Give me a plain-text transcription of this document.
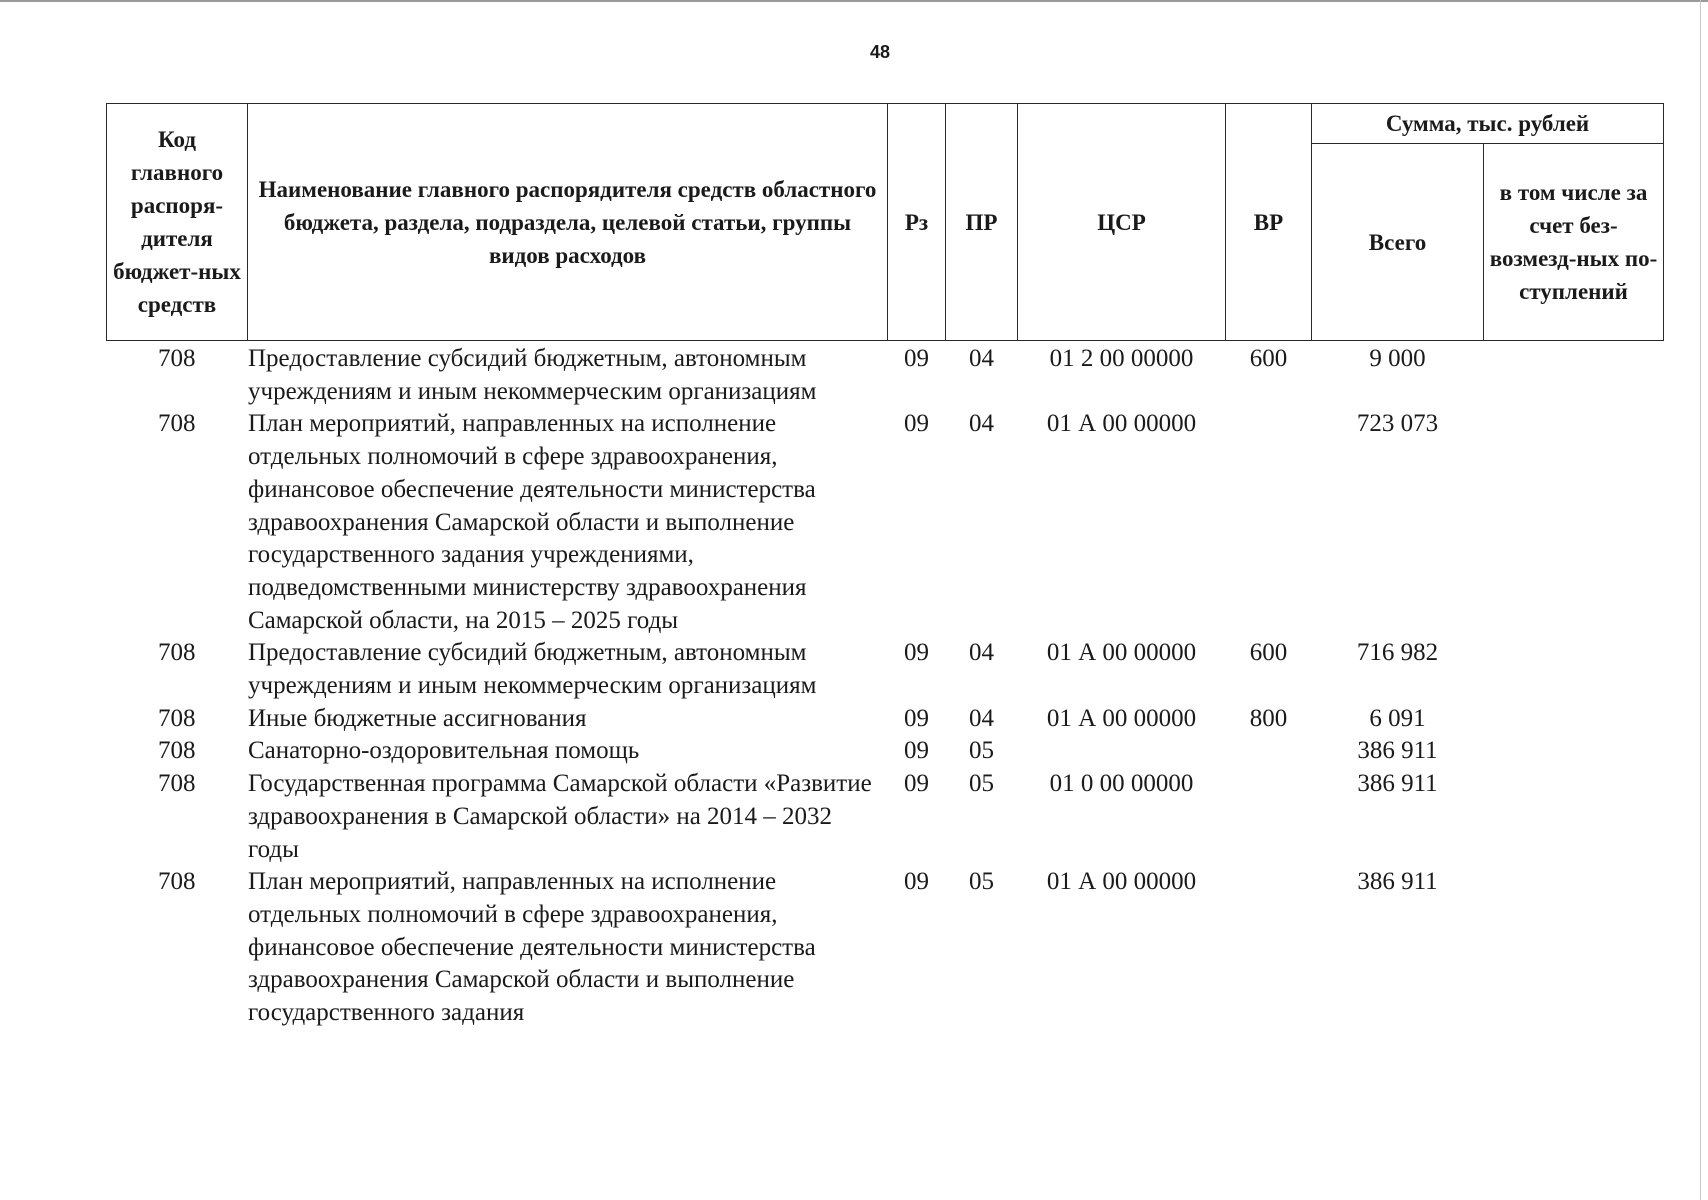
48
Код главного распоря-дителя бюджет-ных средств	Наименование главного распорядителя средств областного бюджета, раздела, подраздела, целевой статьи, группы видов расходов	Рз	ПР	ЦСР	ВР	Сумма, тыс. рублей	
						Всего	в том числе за счет без-возмезд-ных по-ступлений
708	Предоставление субсидий бюджетным, автономным учреждениям и иным некоммерческим организациям	09	04	01 2 00 00000	600	9 000	
708	План мероприятий, направленных на исполнение отдельных полномочий в сфере здравоохранения, финансовое обеспечение деятельности министерства здравоохранения Самарской области и выполнение государственного задания учреждениями, подведомственными министерству здравоохранения Самарской области, на 2015 – 2025 годы	09	04	01 А 00 00000		723 073	
708	Предоставление субсидий бюджетным, автономным учреждениям и иным некоммерческим организациям	09	04	01 А 00 00000	600	716 982	
708	Иные бюджетные ассигнования	09	04	01 А 00 00000	800	6 091	
708	Санаторно-оздоровительная помощь	09	05			386 911	
708	Государственная программа Самарской области «Развитие здравоохранения в Самарской области» на 2014 – 2032 годы	09	05	01 0 00 00000		386 911	
708	План мероприятий, направленных на исполнение отдельных полномочий в сфере здравоохранения, финансовое обеспечение деятельности министерства здравоохранения Самарской области и выполнение государственного задания	09	05	01 А 00 00000		386 911	
